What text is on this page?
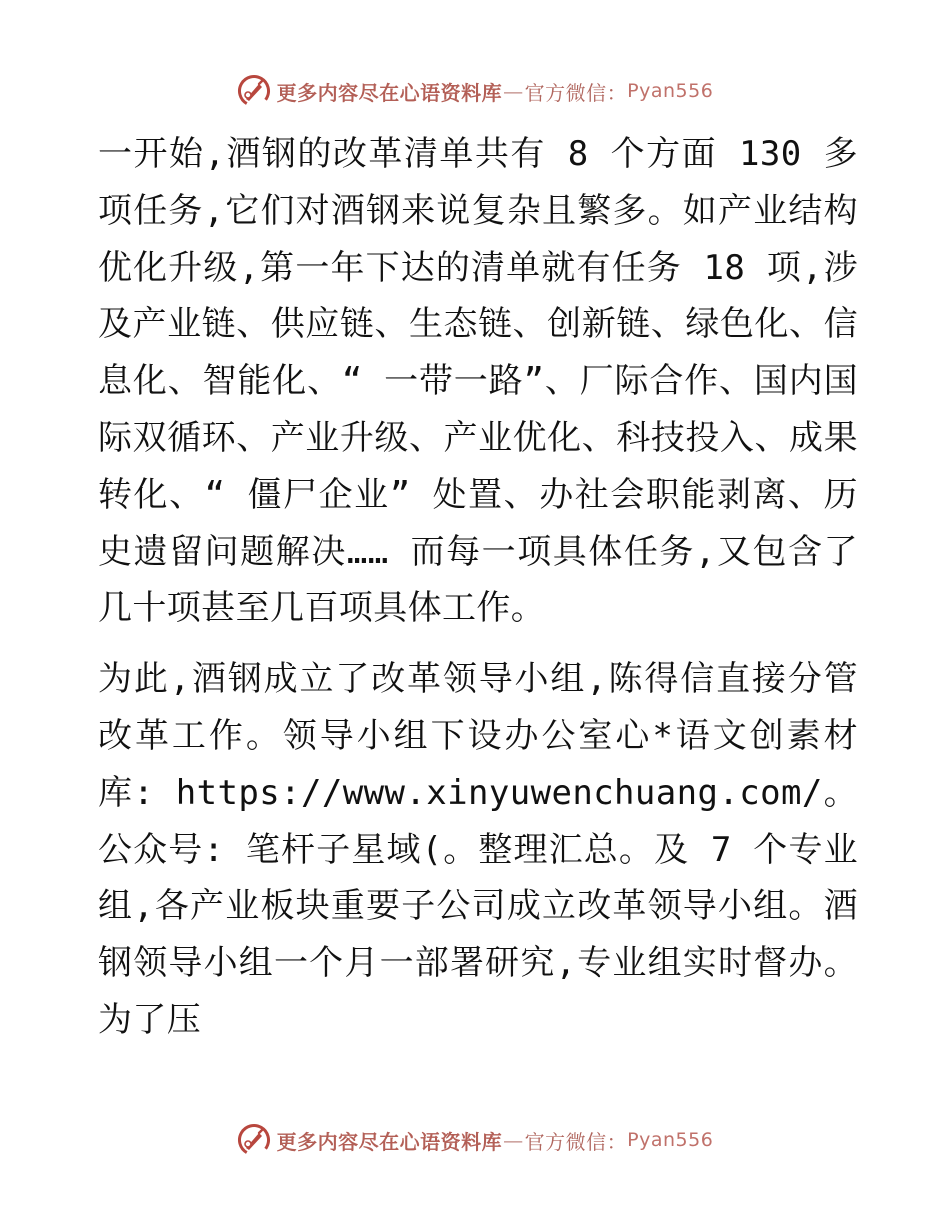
更多内容尽在心语资料库 — 官方微信： Pyan556

一开始,酒钢的改革清单共有 8 个方面 130 多项任务,它们对酒钢来说复杂且繁多。如产业结构优化升级,第一年下达的清单就有任务 18 项,涉及产业链、供应链、生态链、创新链、绿色化、信息化、智能化、“ 一带一路”、厂际合作、国内国际双循环、产业升级、产业优化、科技投入、成果转化、“ 僵尸企业” 处置、办社会职能剥离、历史遗留问题解决…… 而每一项具体任务,又包含了几十项甚至几百项具体工作。

为此,酒钢成立了改革领导小组,陈得信直接分管改革工作。领导小组下设办公室心*语文创素材库: https://www.xinyuwenchuang.com/。公众号: 笔杆子星域(。整理汇总。及 7 个专业组,各产业板块重要子公司成立改革领导小组。酒钢领导小组一个月一部署研究,专业组实时督办。为了压

更多内容尽在心语资料库 — 官方微信： Pyan556
